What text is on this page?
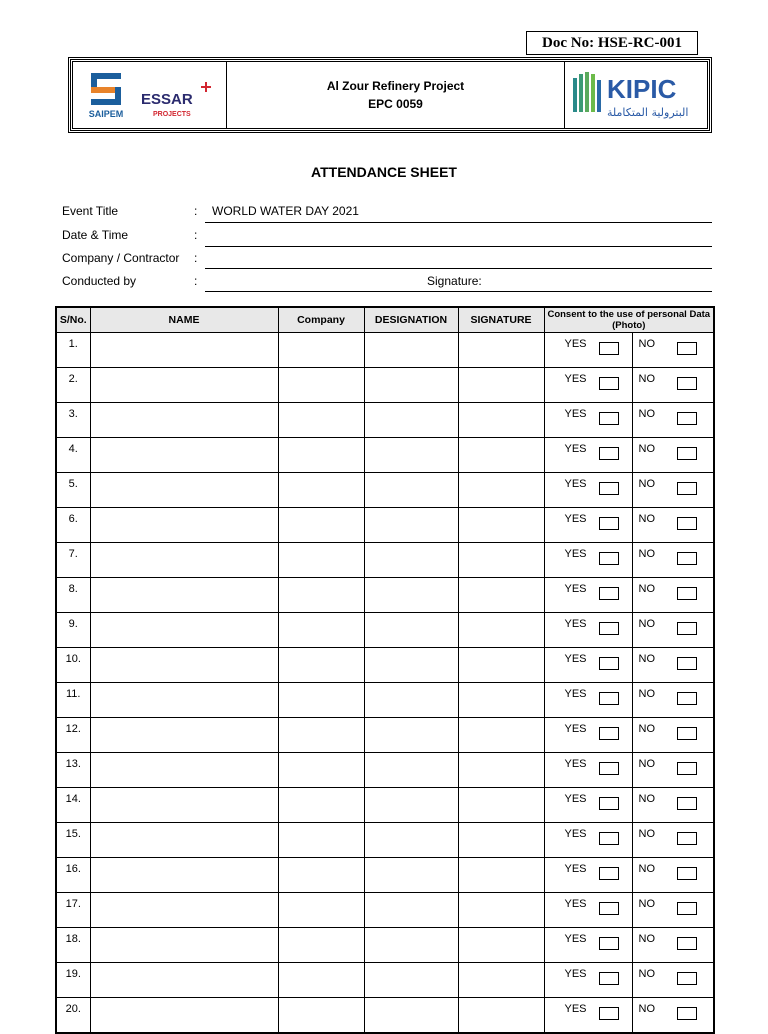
Doc No: HSE-RC-001
SAIPEM
ESSAR
PROJECTS
Al Zour Refinery Project
EPC 0059	KIPIC
البترولية المتكاملة
ATTENDANCE SHEET
Event Title	: WORLD WATER DAY 2021
Date & Time	:
Company / Contractor :
Conducted by	:	Signature:
S/No.	NAME	Company	DESIGNATION	SIGNATURE	Consent to the use of personal Data (Photo)	
1.					YES	NO

2.					YES	NO

3.					YES	NO

4.					YES	NO

5.					YES	NO

6.					YES	NO

7.					YES	NO

8.					YES	NO

9.					YES	NO

10.					YES	NO

11.					YES	NO

12.					YES	NO

13.					YES	NO

14.					YES	NO

15.					YES	NO

16.					YES	NO

17.					YES	NO

18.					YES	NO

19.					YES	NO

20.					YES	NO
